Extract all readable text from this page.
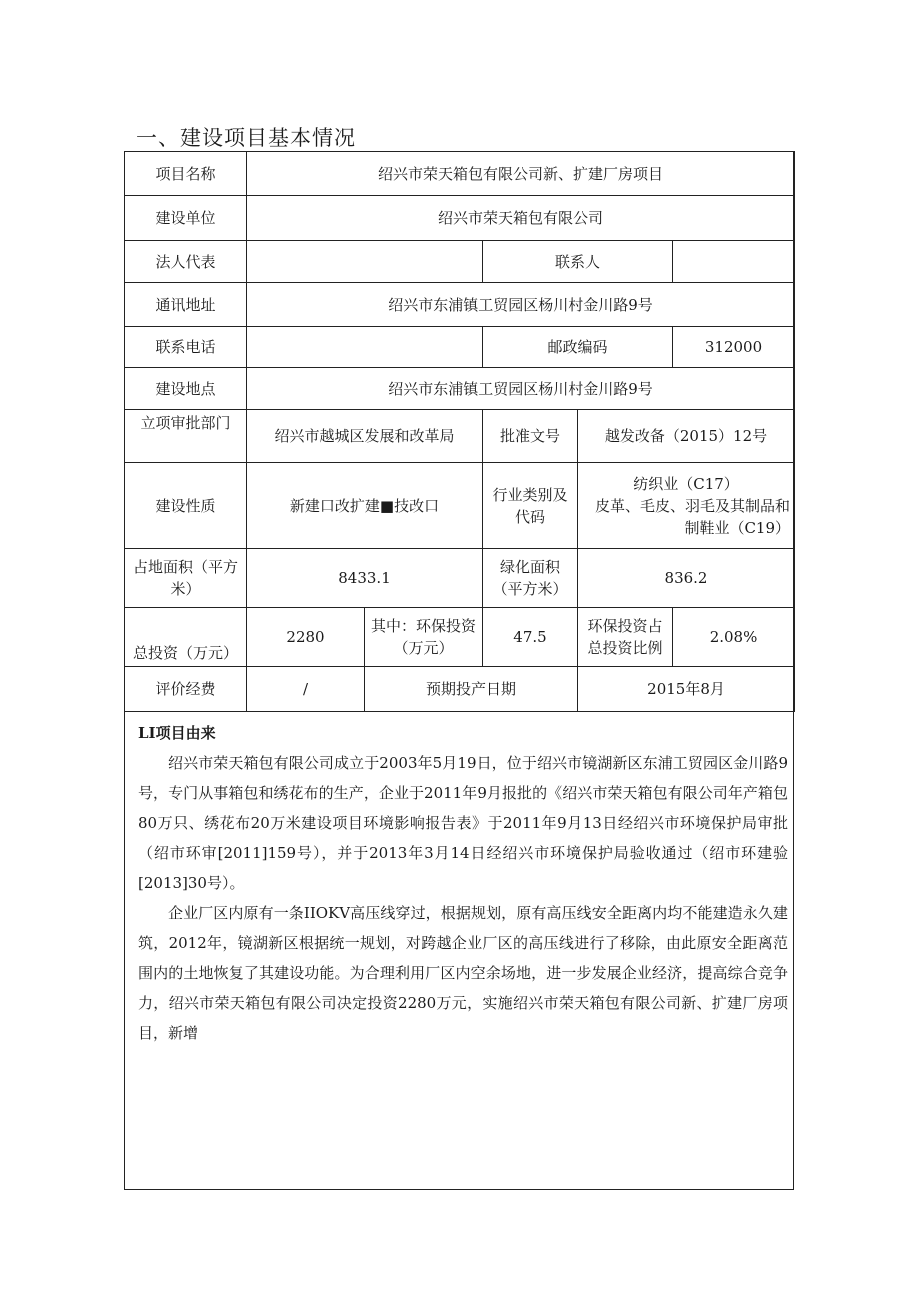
一、建设项目基本情况
项目名称	绍兴市荣天箱包有限公司新、扩建厂房项目				
建设单位	绍兴市荣天箱包有限公司				
法人代表			联系人		
通讯地址	绍兴市东浦镇工贸园区杨川村金川路9号				
联系电话			邮政编码		312000
建设地点	绍兴市东浦镇工贸园区杨川村金川路9号				
立项审批部门	绍兴市越城区发展和改革局		批准文号	越发改备（2015）12号	
建设性质	新建口改扩建■技改口		行业类别及代码	纺织业（C17）
皮革、毛皮、羽毛及其制品和制鞋业（C19）	

占地面积（平方米）	8433.1		绿化面积（平方米）	836.2	
总投资（万元）	2280	其中：环保投资（万元）	47.5	环保投资占总投资比例	2.08%
评价经费	/	预期投产日期		2015年8月	

LI项目由来

绍兴市荣天箱包有限公司成立于2003年5月19日，位于绍兴市镜湖新区东浦工贸园区金川路9号，专门从事箱包和绣花布的生产，企业于2011年9月报批的《绍兴市荣天箱包有限公司年产箱包80万只、绣花布20万米建设项目环境影响报告表》于2011年9月13日经绍兴市环境保护局审批（绍市环审[2011]159号），并于2013年3月14日经绍兴市环境保护局验收通过（绍市环建验[2013]30号）。

企业厂区内原有一条IIOKV高压线穿过，根据规划，原有高压线安全距离内均不能建造永久建筑，2012年，镜湖新区根据统一规划，对跨越企业厂区的高压线进行了移除，由此原安全距离范围内的土地恢复了其建设功能。为合理利用厂区内空余场地，进一步发展企业经济，提高综合竞争力，绍兴市荣天箱包有限公司决定投资2280万元，实施绍兴市荣天箱包有限公司新、扩建厂房项目，新增
